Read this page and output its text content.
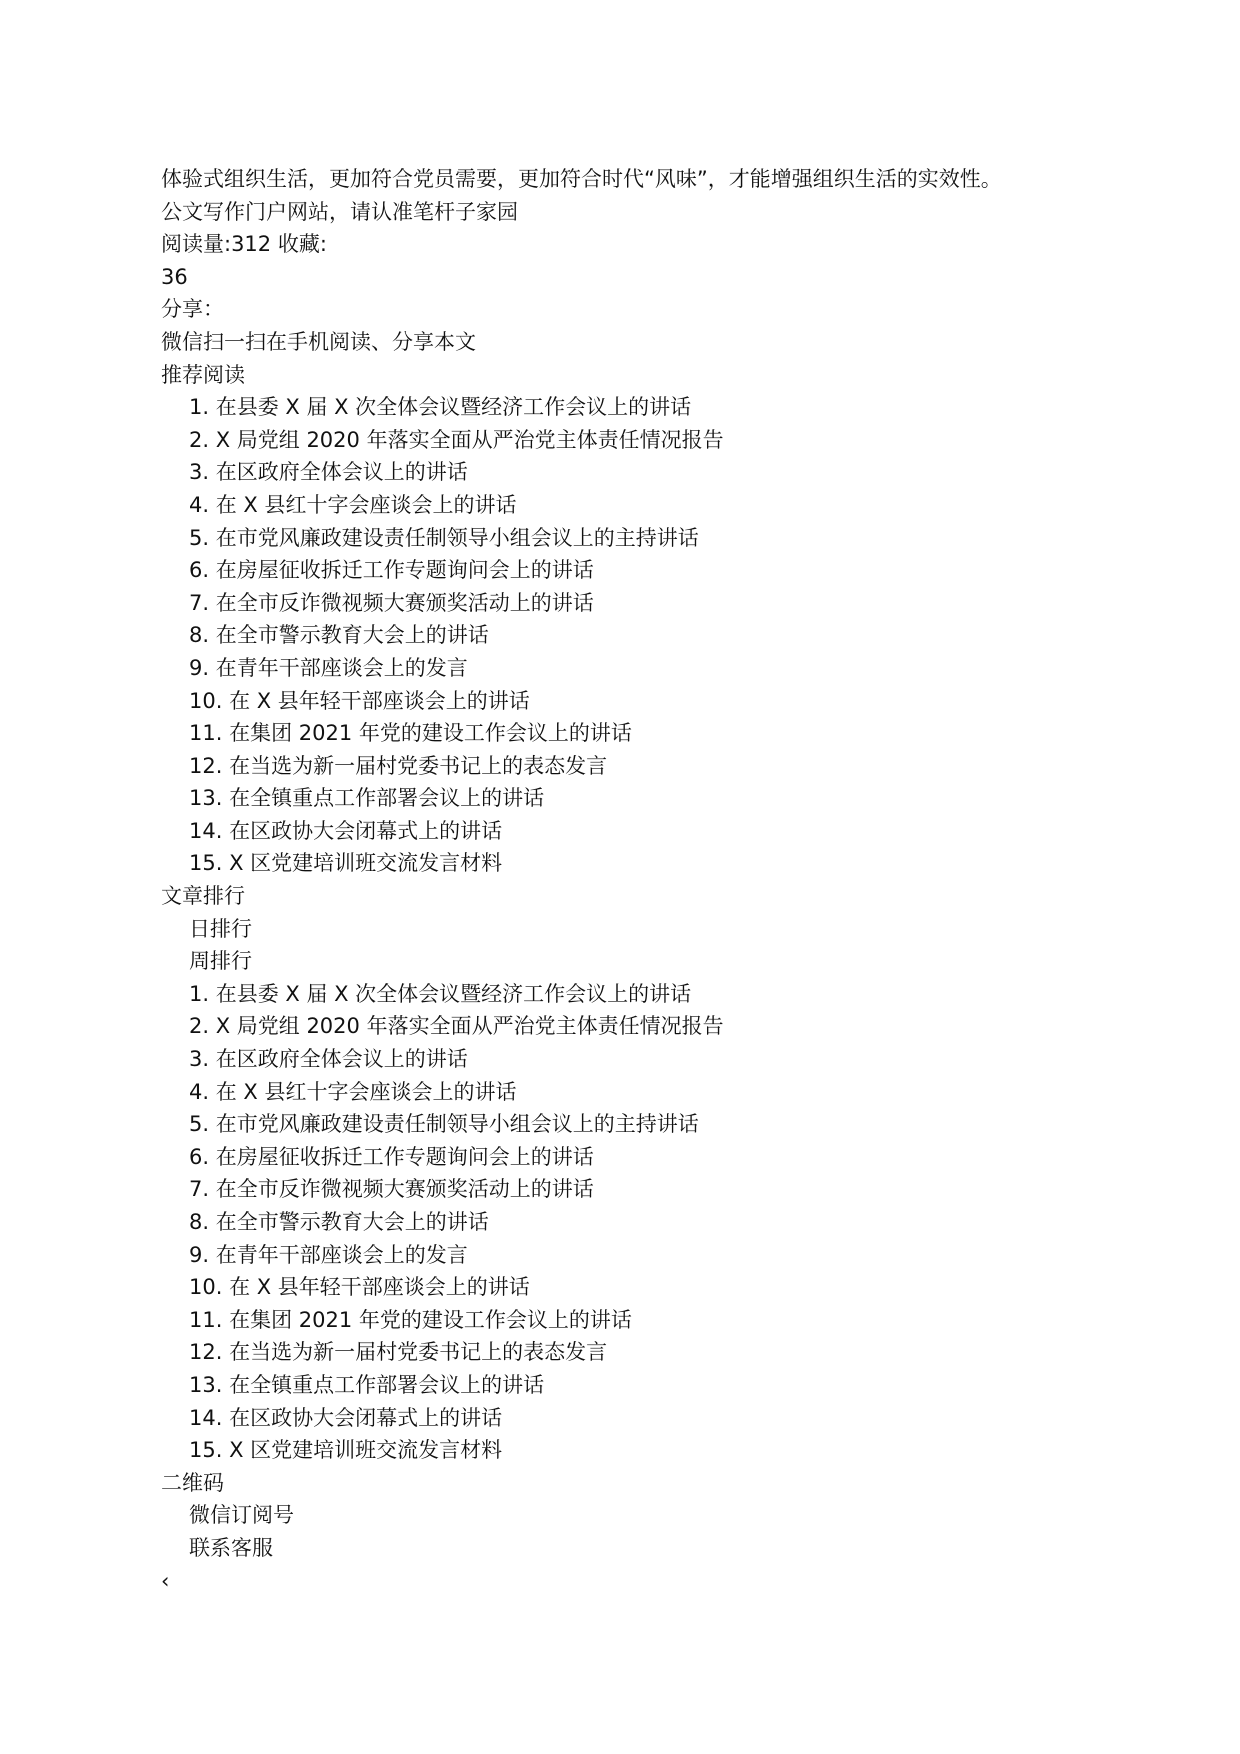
体验式组织生活，更加符合党员需要，更加符合时代“风味”，才能增强组织生活的实效性。
公文写作门户网站，请认准笔杆子家园
阅读量:312 收藏:
36
分享：
微信扫一扫在手机阅读、分享本文
推荐阅读
1. 在县委 X 届 X 次全体会议暨经济工作会议上的讲话
2. X 局党组 2020 年落实全面从严治党主体责任情况报告
3. 在区政府全体会议上的讲话
4. 在 X 县红十字会座谈会上的讲话
5. 在市党风廉政建设责任制领导小组会议上的主持讲话
6. 在房屋征收拆迁工作专题询问会上的讲话
7. 在全市反诈微视频大赛颁奖活动上的讲话
8. 在全市警示教育大会上的讲话
9. 在青年干部座谈会上的发言
10. 在 X 县年轻干部座谈会上的讲话
11. 在集团 2021 年党的建设工作会议上的讲话
12. 在当选为新一届村党委书记上的表态发言
13. 在全镇重点工作部署会议上的讲话
14. 在区政协大会闭幕式上的讲话
15. X 区党建培训班交流发言材料
文章排行
日排行
周排行
1. 在县委 X 届 X 次全体会议暨经济工作会议上的讲话
2. X 局党组 2020 年落实全面从严治党主体责任情况报告
3. 在区政府全体会议上的讲话
4. 在 X 县红十字会座谈会上的讲话
5. 在市党风廉政建设责任制领导小组会议上的主持讲话
6. 在房屋征收拆迁工作专题询问会上的讲话
7. 在全市反诈微视频大赛颁奖活动上的讲话
8. 在全市警示教育大会上的讲话
9. 在青年干部座谈会上的发言
10. 在 X 县年轻干部座谈会上的讲话
11. 在集团 2021 年党的建设工作会议上的讲话
12. 在当选为新一届村党委书记上的表态发言
13. 在全镇重点工作部署会议上的讲话
14. 在区政协大会闭幕式上的讲话
15. X 区党建培训班交流发言材料
二维码
微信订阅号
联系客服
‹
